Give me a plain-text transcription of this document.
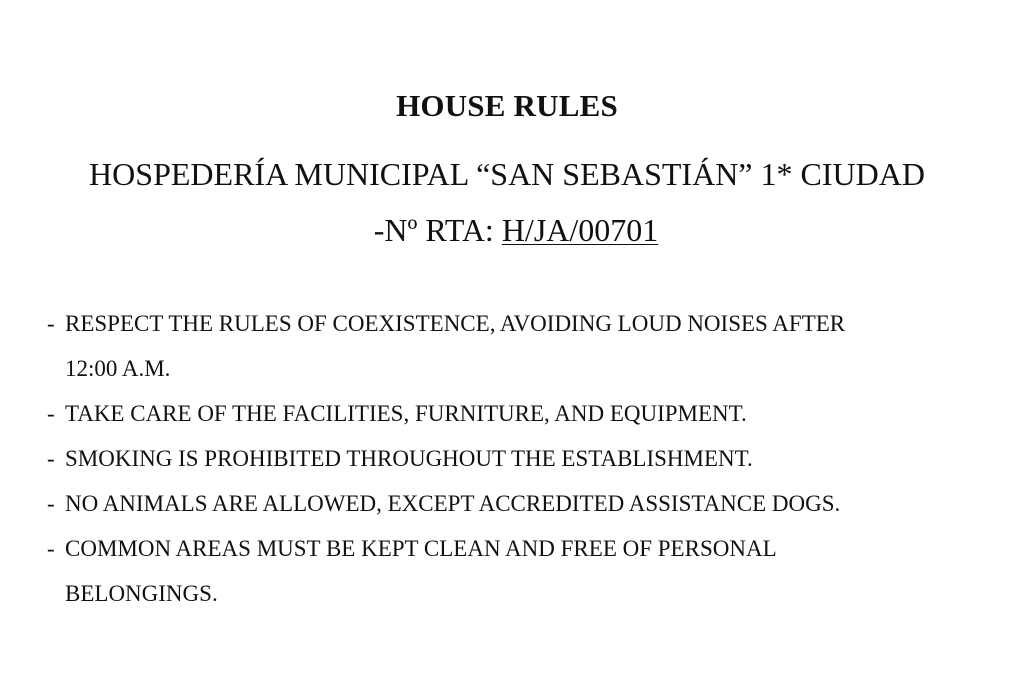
HOUSE RULES
HOSPEDERÍA MUNICIPAL “SAN SEBASTIÁN” 1* CIUDAD
-Nº RTA: H/JA/00701
- RESPECT THE RULES OF COEXISTENCE, AVOIDING LOUD NOISES AFTER
12:00 A.M.
- TAKE CARE OF THE FACILITIES, FURNITURE, AND EQUIPMENT.
- SMOKING IS PROHIBITED THROUGHOUT THE ESTABLISHMENT.
- NO ANIMALS ARE ALLOWED, EXCEPT ACCREDITED ASSISTANCE DOGS.
- COMMON AREAS MUST BE KEPT CLEAN AND FREE OF PERSONAL
BELONGINGS.
